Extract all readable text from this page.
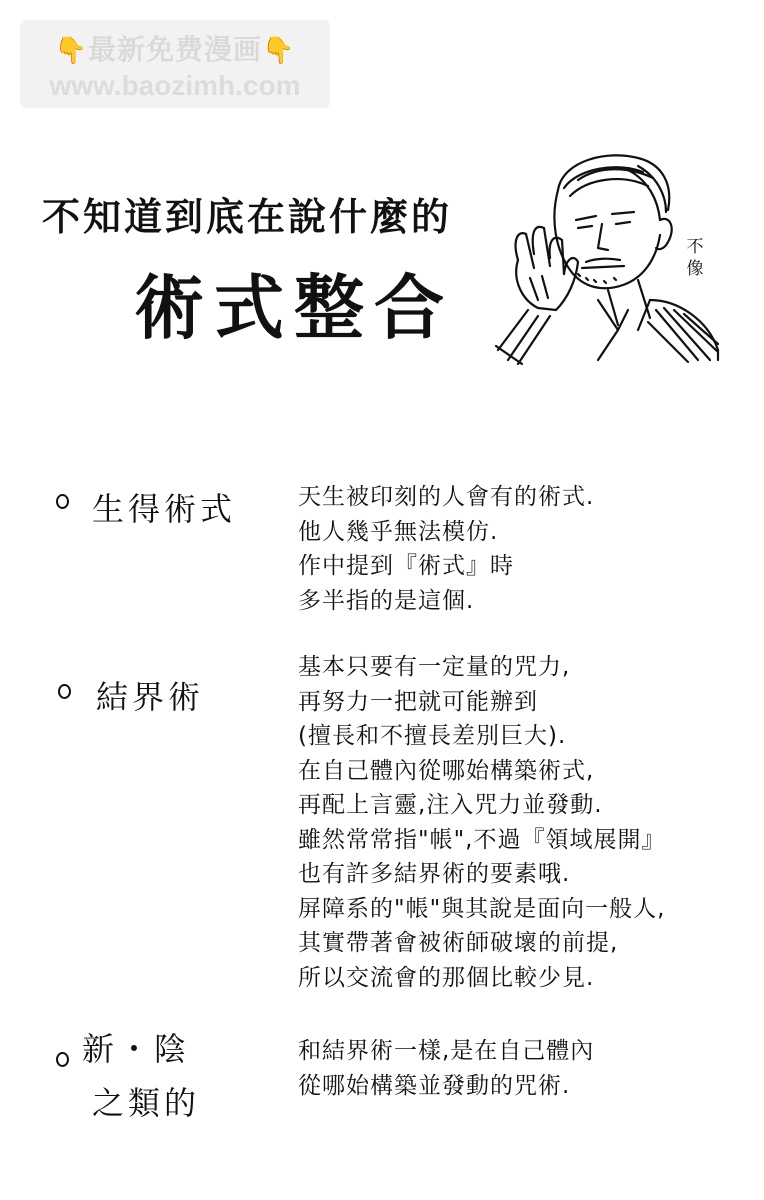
👇最新免费漫画👇
www.baozimh.com
不知道到底在說什麼的
術式整合
不
像
生得術式	天生被印刻的人會有的術式.
他人幾乎無法模仿.
作中提到『術式』時
多半指的是這個.
結界術
基本只要有一定量的咒力,
再努力一把就可能辦到
(擅長和不擅長差別巨大).
在自己體內從哪始構築術式,
再配上言靈,注入咒力並發動.
雖然常常指"帳",不過『領域展開』
也有許多結界術的要素哦.
屏障系的"帳"與其說是面向一般人,
其實帶著會被術師破壞的前提,
所以交流會的那個比較少見.
新・陰
之類的
和結界術一樣,是在自己體內
從哪始構築並發動的咒術.
